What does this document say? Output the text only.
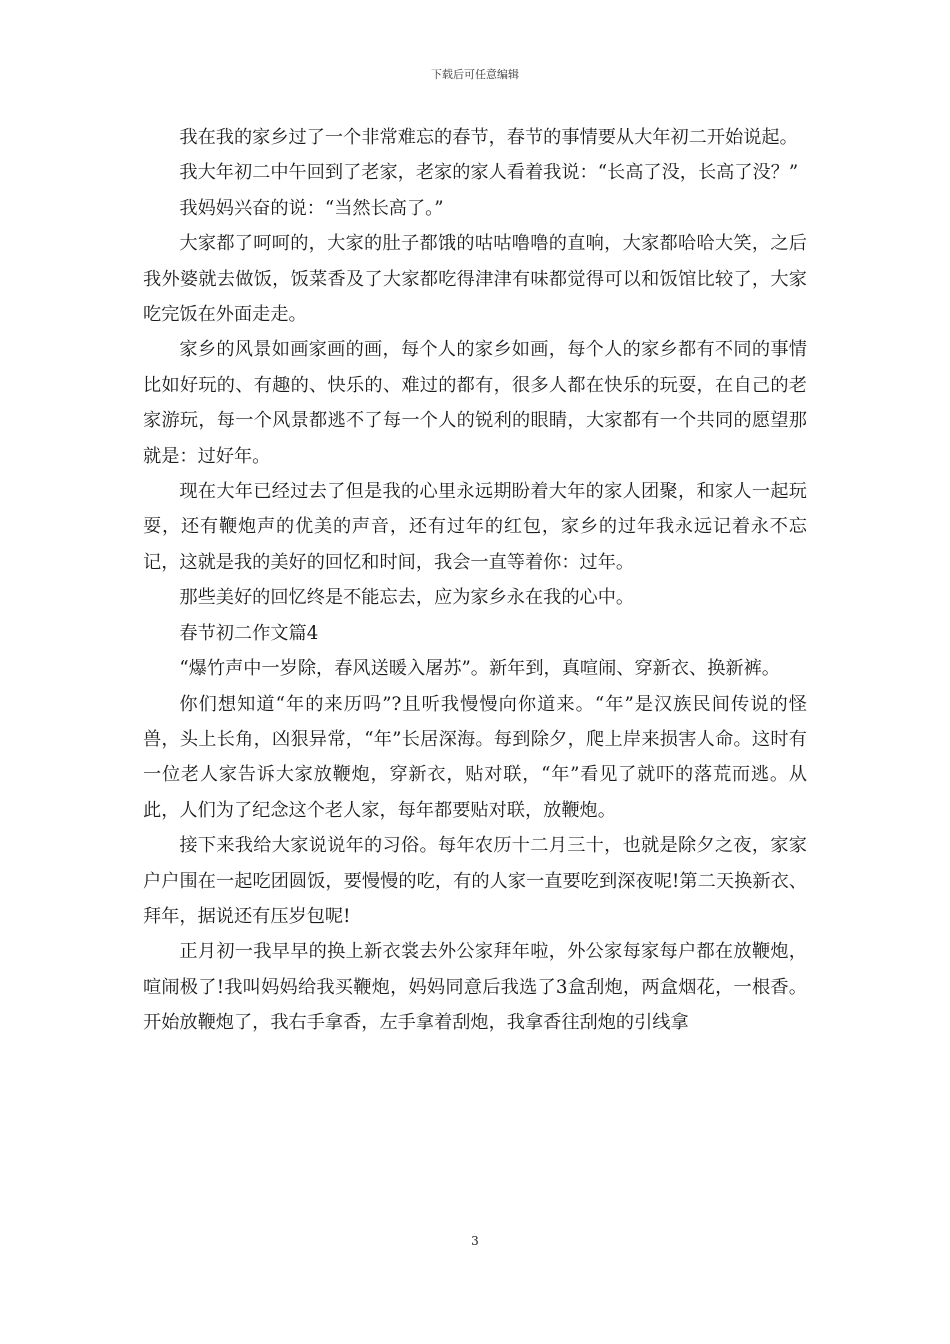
下载后可任意编辑

我在我的家乡过了一个非常难忘的春节，春节的事情要从大年初二开始说起。

我大年初二中午回到了老家，老家的家人看着我说：“长高了没，长高了没？”

我妈妈兴奋的说：“当然长高了。”

大家都了呵呵的，大家的肚子都饿的咕咕噜噜的直响，大家都哈哈大笑，之后我外婆就去做饭，饭菜香及了大家都吃得津津有味都觉得可以和饭馆比较了，大家吃完饭在外面走走。

家乡的风景如画家画的画，每个人的家乡如画，每个人的家乡都有不同的事情比如好玩的、有趣的、快乐的、难过的都有，很多人都在快乐的玩耍，在自己的老家游玩，每一个风景都逃不了每一个人的锐利的眼睛，大家都有一个共同的愿望那就是：过好年。

现在大年已经过去了但是我的心里永远期盼着大年的家人团聚，和家人一起玩耍，还有鞭炮声的优美的声音，还有过年的红包，家乡的过年我永远记着永不忘记，这就是我的美好的回忆和时间，我会一直等着你：过年。

那些美好的回忆终是不能忘去，应为家乡永在我的心中。

春节初二作文篇4

“爆竹声中一岁除，春风送暖入屠苏”。新年到，真喧闹、穿新衣、换新裤。

你们想知道“年的来历吗”?且听我慢慢向你道来。“年”是汉族民间传说的怪兽，头上长角，凶狠异常，“年”长居深海。每到除夕，爬上岸来损害人命。这时有一位老人家告诉大家放鞭炮，穿新衣，贴对联，“年”看见了就吓的落荒而逃。从此，人们为了纪念这个老人家，每年都要贴对联，放鞭炮。

接下来我给大家说说年的习俗。每年农历十二月三十，也就是除夕之夜，家家户户围在一起吃团圆饭，要慢慢的吃，有的人家一直要吃到深夜呢!第二天换新衣、拜年，据说还有压岁包呢!

正月初一我早早的换上新衣裳去外公家拜年啦，外公家每家每户都在放鞭炮，喧闹极了!我叫妈妈给我买鞭炮，妈妈同意后我选了3盒刮炮，两盒烟花，一根香。开始放鞭炮了，我右手拿香，左手拿着刮炮，我拿香往刮炮的引线拿

3
